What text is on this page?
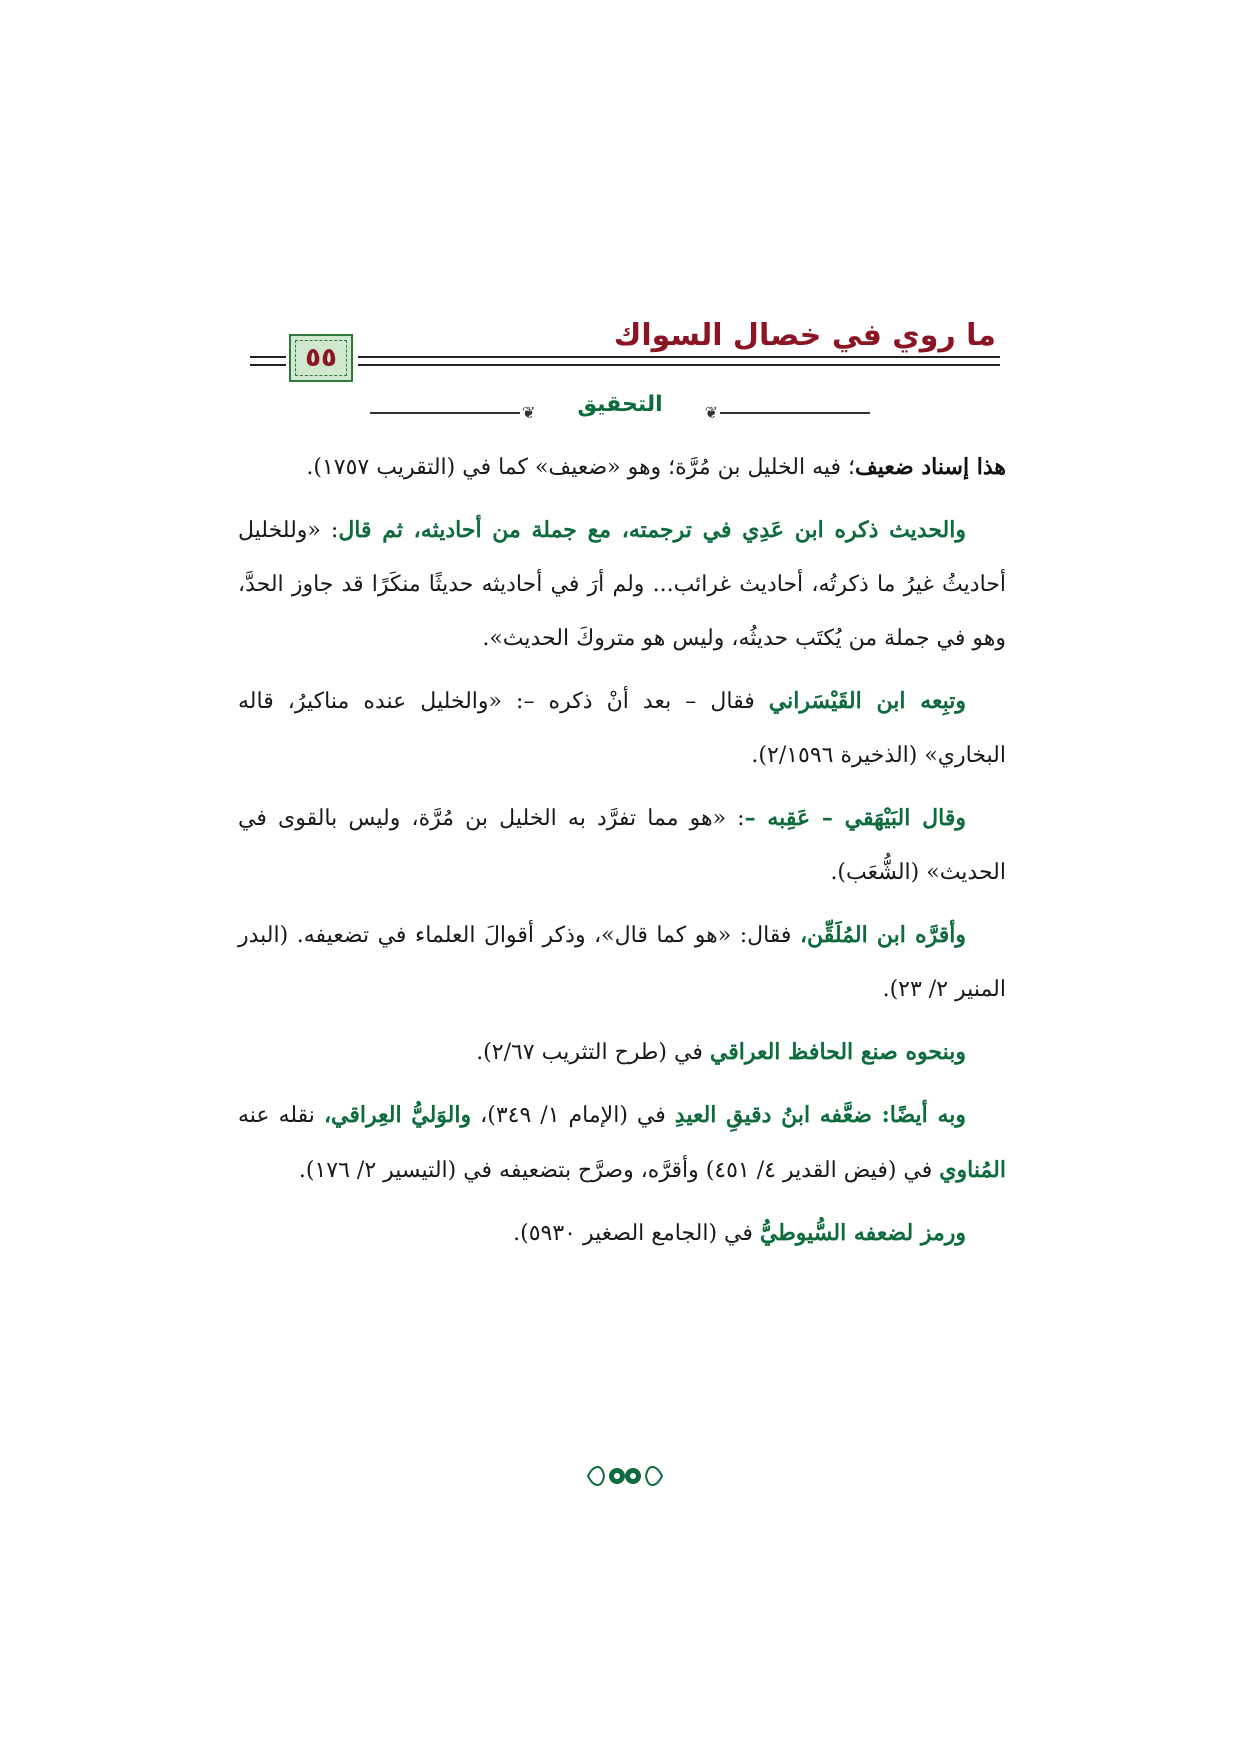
ما روي في خصال السواك
٥٥
❦ التحقيق	❦

هذا إسناد ضعيف؛ فيه الخليل بن مُرَّة؛ وهو «ضعيف» كما في (التقريب ١٧٥٧).

والحديث ذكره ابن عَدِي في ترجمته، مع جملة من أحاديثه، ثم قال: «وللخليل أحاديثُ غيرُ ما ذكرتُه، أحاديث غرائب... ولم أرَ في أحاديثه حديثًا منكَرًا قد جاوز الحدَّ، وهو في جملة من يُكتَب حديثُه، وليس هو متروكَ الحديث».

وتبِعه ابن القَيْسَراني فقال – بعد أنْ ذكره –: «والخليل عنده مناكيرُ، قاله البخاري» (الذخيرة ٢/١٥٩٦).

وقال البَيْهَقي – عَقِبه –: «هو مما تفرَّد به الخليل بن مُرَّة، وليس بالقوى في الحديث» (الشُّعَب).

وأقرَّه ابن المُلَقِّن، فقال: «هو كما قال»، وذكر أقوالَ العلماء في تضعيفه. (البدر المنير ٢/ ٢٣).

وبنحوه صنع الحافظ العراقي في (طرح التثريب ٢/٦٧).

وبه أيضًا: ضعَّفه ابنُ دقيقِ العيدِ في (الإمام ١/ ٣٤٩)، والوَليُّ العِراقي، نقله عنه المُناوي في (فيض القدير ٤/ ٤٥١) وأقرَّه، وصرَّح بتضعيفه في (التيسير ٢/ ١٧٦).

ورمز لضعفه السُّيوطيُّ في (الجامع الصغير ٥٩٣٠).
